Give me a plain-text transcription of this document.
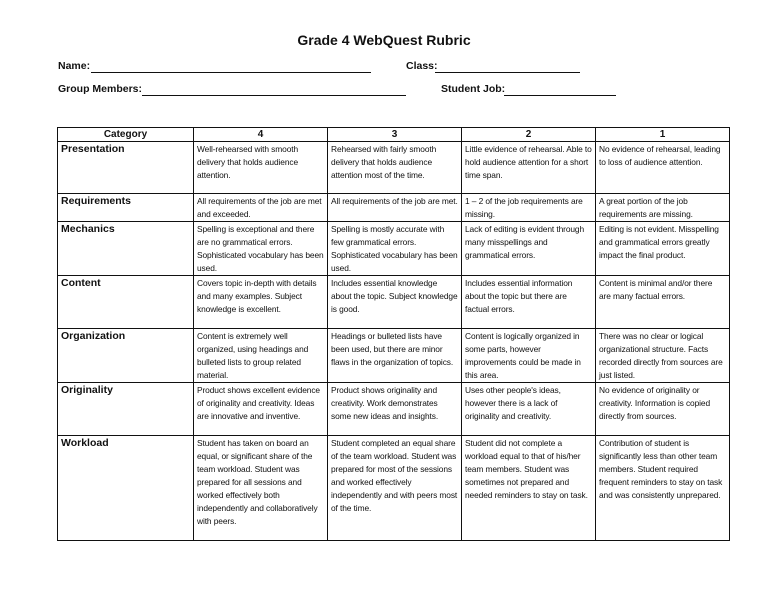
Grade 4 WebQuest Rubric
Name:	Class:
Group Members:	Student Job:
Category	4	3	2	1
Presentation	Well-rehearsed with smooth delivery that holds audience attention.	Rehearsed with fairly smooth delivery that holds audience attention most of the time.	Little evidence of rehearsal. Able to hold audience attention for a short time span.	No evidence of rehearsal, leading to loss of audience attention.
Requirements	All requirements of the job are met and exceeded.	All requirements of the job are met.	1 – 2 of the job requirements are missing.	A great portion of the job requirements are missing.
Mechanics	Spelling is exceptional and there are no grammatical errors. Sophisticated vocabulary has been used.	Spelling is mostly accurate with few grammatical errors. Sophisticated vocabulary has been used.	Lack of editing is evident through many misspellings and grammatical errors.	Editing is not evident. Misspelling and grammatical errors greatly impact the final product.
Content	Covers topic in-depth with details and many examples. Subject knowledge is excellent.	Includes essential knowledge about the topic. Subject knowledge is good.	Includes essential information about the topic but there are factual errors.	Content is minimal and/or there are many factual errors.
Organization	Content is extremely well organized, using headings and bulleted lists to group related material.	Headings or bulleted lists have been used, but there are minor flaws in the organization of topics.	Content is logically organized in some parts, however improvements could be made in this area.	There was no clear or logical organizational structure. Facts recorded directly from sources are just listed.
Originality	Product shows excellent evidence of originality and creativity. Ideas are innovative and inventive.	Product shows originality and creativity. Work demonstrates some new ideas and insights.	Uses other people's ideas, however there is a lack of originality and creativity.	No evidence of originality or creativity. Information is copied directly from sources.
Workload	Student has taken on board an equal, or significant share of the team workload. Student was prepared for all sessions and worked effectively both independently and collaboratively with peers.	Student completed an equal share of the team workload. Student was prepared for most of the sessions and worked effectively independently and with peers most of the time.	Student did not complete a workload equal to that of his/her team members. Student was sometimes not prepared and needed reminders to stay on task.	Contribution of student is significantly less than other team members. Student required frequent reminders to stay on task and was consistently unprepared.
